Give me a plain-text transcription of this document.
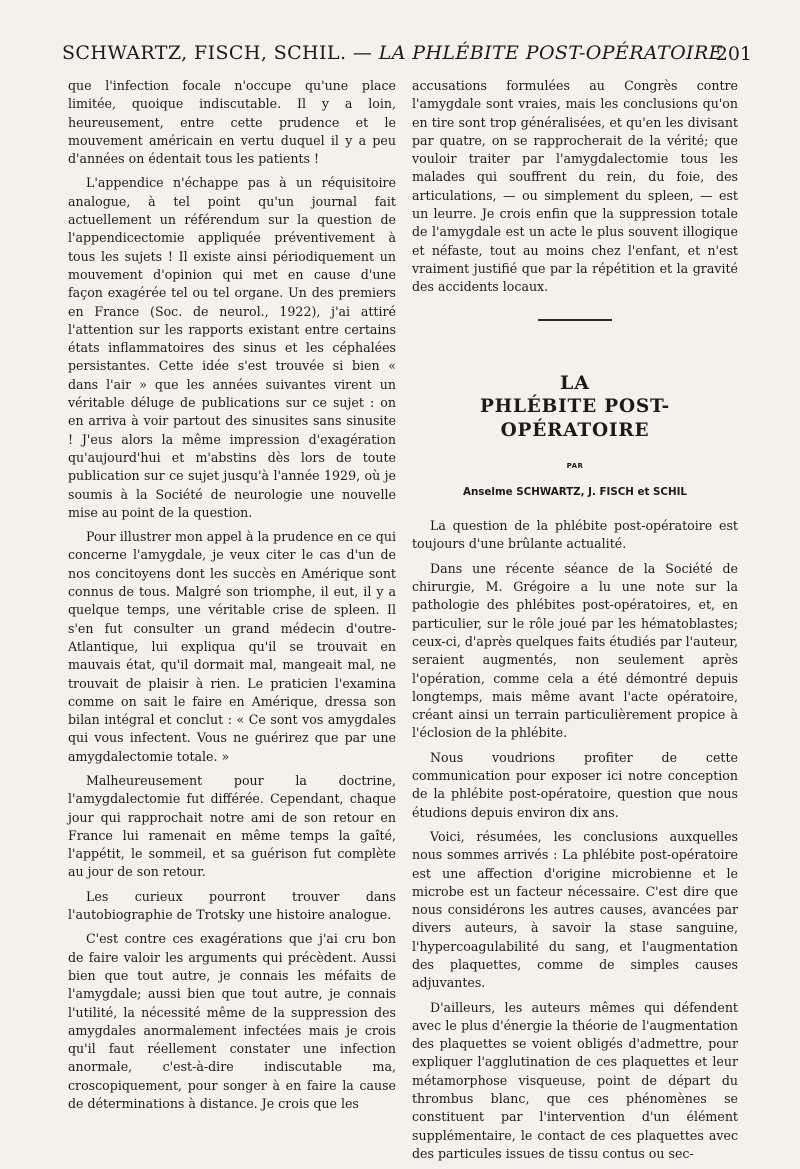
SCHWARTZ, FISCH, SCHIL. — LA PHLÉBITE POST-OPÉRATOIRE
201

que l'infection focale n'occupe qu'une place limitée, quoique indiscutable. Il y a loin, heureusement, entre cette prudence et le mouvement américain en vertu duquel il y a peu d'années on édentait tous les patients !

L'appendice n'échappe pas à un réquisitoire analogue, à tel point qu'un journal fait actuellement un référendum sur la question de l'appendicectomie appliquée préventivement à tous les sujets ! Il existe ainsi périodiquement un mouvement d'opinion qui met en cause d'une façon exagérée tel ou tel organe. Un des premiers en France (Soc. de neurol., 1922), j'ai attiré l'attention sur les rapports existant entre certains états inflammatoires des sinus et les céphalées persistantes. Cette idée s'est trouvée si bien « dans l'air » que les années suivantes virent un véritable déluge de publications sur ce sujet : on en arriva à voir partout des sinusites sans sinusite ! J'eus alors la même impression d'exagération qu'aujourd'hui et m'abstins dès lors de toute publication sur ce sujet jusqu'à l'année 1929, où je soumis à la Société de neurologie une nouvelle mise au point de la question.

Pour illustrer mon appel à la prudence en ce qui concerne l'amygdale, je veux citer le cas d'un de nos concitoyens dont les succès en Amérique sont connus de tous. Malgré son triomphe, il eut, il y a quelque temps, une véritable crise de spleen. Il s'en fut consulter un grand médecin d'outre-Atlantique, lui expliqua qu'il se trouvait en mauvais état, qu'il dormait mal, mangeait mal, ne trouvait de plaisir à rien. Le praticien l'examina comme on sait le faire en Amérique, dressa son bilan intégral et conclut : « Ce sont vos amygdales qui vous infectent. Vous ne guérirez que par une amygdalectomie totale. »

Malheureusement pour la doctrine, l'amygdalectomie fut différée. Cependant, chaque jour qui rapprochait notre ami de son retour en France lui ramenait en même temps la gaîté, l'appétit, le sommeil, et sa guérison fut complète au jour de son retour.

Les curieux pourront trouver dans l'autobiographie de Trotsky une histoire analogue.

C'est contre ces exagérations que j'ai cru bon de faire valoir les arguments qui précèdent. Aussi bien que tout autre, je connais les méfaits de l'amygdale; aussi bien que tout autre, je connais l'utilité, la nécessité même de la suppression des amygdales anormalement infectées mais je crois qu'il faut réellement constater une infection anormale, c'est-à-dire indiscutable ma, croscopiquement, pour songer à en faire la cause de déterminations à distance. Je crois que les

accusations formulées au Congrès contre l'amygdale sont vraies, mais les conclusions qu'on en tire sont trop généralisées, et qu'en les divisant par quatre, on se rapprocherait de la vérité; que vouloir traiter par l'amygdalectomie tous les malades qui souffrent du rein, du foie, des articulations, — ou simplement du spleen, — est un leurre. Je crois enfin que la suppression totale de l'amygdale est un acte le plus souvent illogique et néfaste, tout au moins chez l'enfant, et n'est vraiment justifié que par la répétition et la gravité des accidents locaux.

LA
PHLÉBITE POST-OPÉRATOIRE
PAR
Anselme SCHWARTZ, J. FISCH et SCHIL

La question de la phlébite post-opératoire est toujours d'une brûlante actualité.

Dans une récente séance de la Société de chirurgie, M. Grégoire a lu une note sur la pathologie des phlébites post-opératoires, et, en particulier, sur le rôle joué par les hématoblastes; ceux-ci, d'après quelques faits étudiés par l'auteur, seraient augmentés, non seulement après l'opération, comme cela a été démontré depuis longtemps, mais même avant l'acte opératoire, créant ainsi un terrain particulièrement propice à l'éclosion de la phlébite.

Nous voudrions profiter de cette communication pour exposer ici notre conception de la phlébite post-opératoire, question que nous étudions depuis environ dix ans.

Voici, résumées, les conclusions auxquelles nous sommes arrivés : La phlébite post-opératoire est une affection d'origine microbienne et le microbe est un facteur nécessaire. C'est dire que nous considérons les autres causes, avancées par divers auteurs, à savoir la stase sanguine, l'hypercoagulabilité du sang, et l'augmentation des plaquettes, comme de simples causes adjuvantes.

D'ailleurs, les auteurs mêmes qui défendent avec le plus d'énergie la théorie de l'augmentation des plaquettes se voient obligés d'admettre, pour expliquer l'agglutination de ces plaquettes et leur métamorphose visqueuse, point de départ du thrombus blanc, que ces phénomènes se constituent par l'intervention d'un élément supplémentaire, le contact de ces plaquettes avec des particules issues de tissu contus ou sec-
